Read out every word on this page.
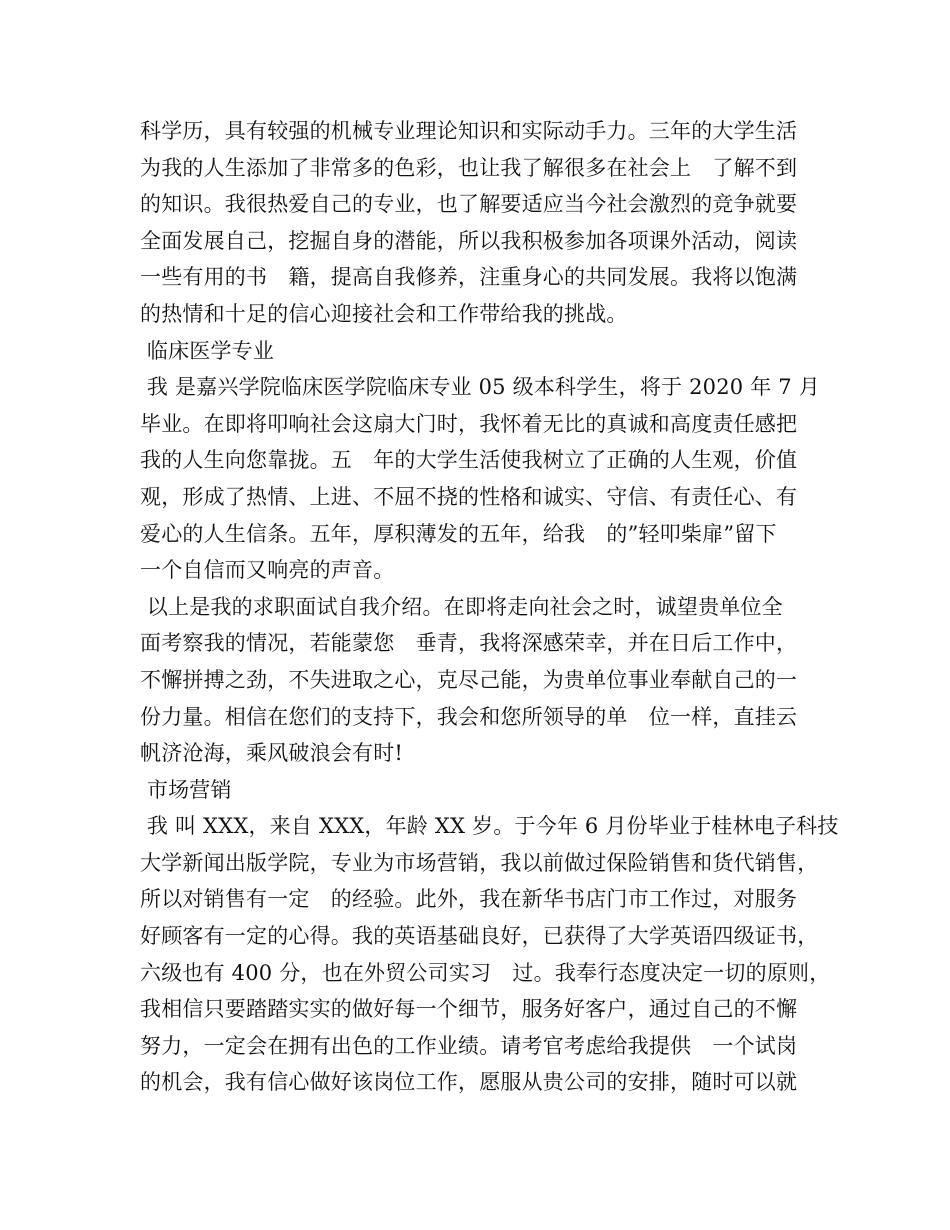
科学历，具有较强的机械专业理论知识和实际动手力。三年的大学生活
为我的人生添加了非常多的色彩，也让我了解很多在社会上　了解不到
的知识。我很热爱自己的专业，也了解要适应当今社会激烈的竞争就要
全面发展自己，挖掘自身的潜能，所以我积极参加各项课外活动，阅读
一些有用的书　籍，提高自我修养，注重身心的共同发展。我将以饱满
的热情和十足的信心迎接社会和工作带给我的挑战。
临床医学专业
我 是嘉兴学院临床医学院临床专业 05 级本科学生，将于 2020 年 7 月
毕业。在即将叩响社会这扇大门时，我怀着无比的真诚和高度责任感把
我的人生向您靠拢。五　年的大学生活使我树立了正确的人生观，价值
观，形成了热情、上进、不屈不挠的性格和诚实、守信、有责任心、有
爱心的人生信条。五年，厚积薄发的五年，给我　的”轻叩柴扉”留下
一个自信而又响亮的声音。
以上是我的求职面试自我介绍。在即将走向社会之时，诚望贵单位全
面考察我的情况，若能蒙您　垂青，我将深感荣幸，并在日后工作中，
不懈拼搏之劲，不失进取之心，克尽己能，为贵单位事业奉献自己的一
份力量。相信在您们的支持下，我会和您所领导的单　位一样，直挂云
帆济沧海，乘风破浪会有时!
市场营销
我 叫 XXX，来自 XXX，年龄 XX 岁。于今年 6 月份毕业于桂林电子科技
大学新闻出版学院，专业为市场营销，我以前做过保险销售和货代销售，
所以对销售有一定　的经验。此外，我在新华书店门市工作过，对服务
好顾客有一定的心得。我的英语基础良好，已获得了大学英语四级证书，
六级也有 400 分，也在外贸公司实习　过。我奉行态度决定一切的原则，
我相信只要踏踏实实的做好每一个细节，服务好客户，通过自己的不懈
努力，一定会在拥有出色的工作业绩。请考官考虑给我提供　一个试岗
的机会，我有信心做好该岗位工作，愿服从贵公司的安排，随时可以就
